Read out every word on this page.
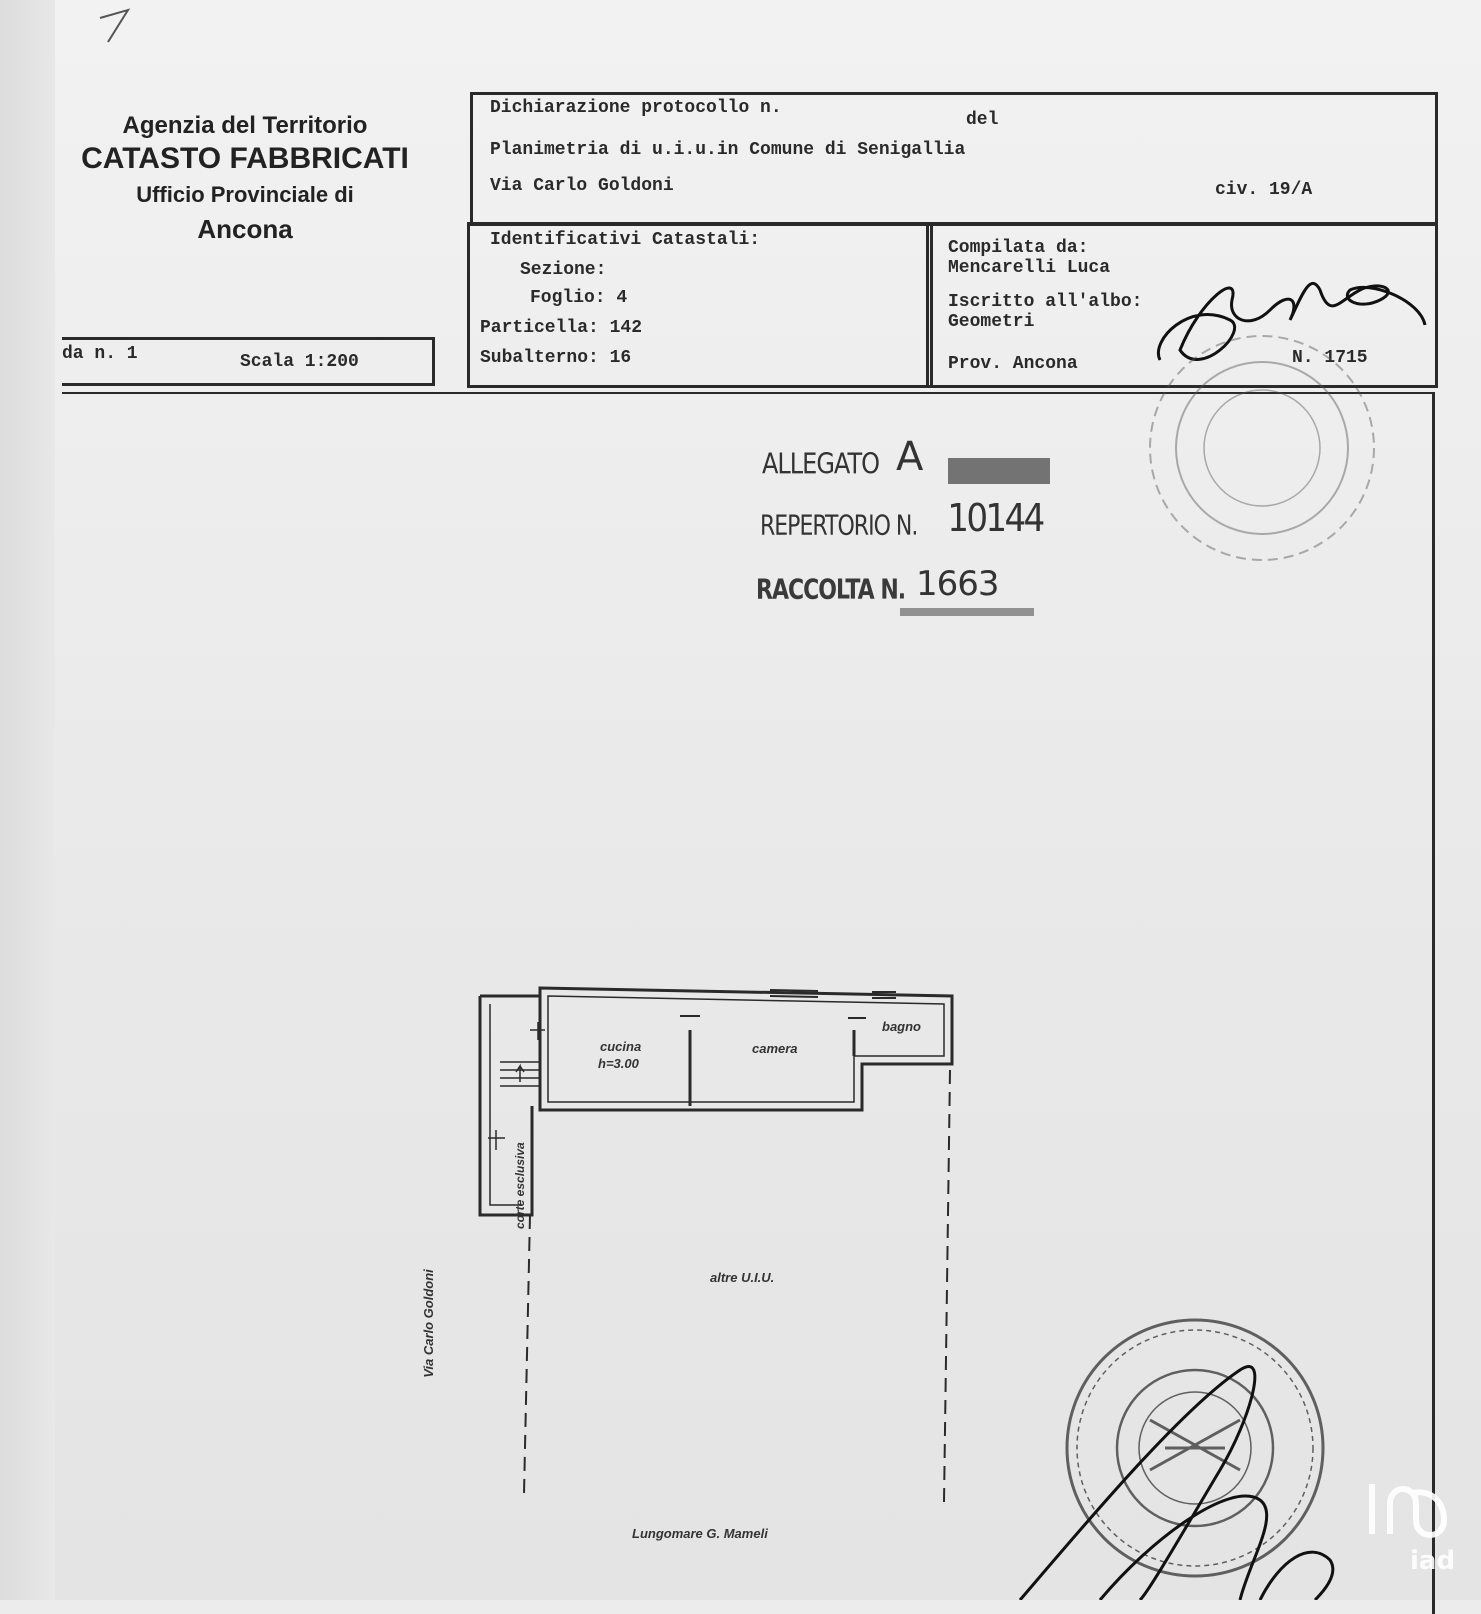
Agenzia del Territorio
CATASTO FABBRICATI
Ufficio Provinciale di
Ancona
Dichiarazione protocollo n.
del
Planimetria di u.i.u.in Comune di Senigallia
Via Carlo Goldoni	civ. 19/A
da n. 1	Scala 1:200
Identificativi Catastali:
Sezione:
Foglio: 4
Particella: 142
Subalterno: 16
Compilata da:
Mencarelli Luca
Iscritto all'albo:
Geometri
Prov. Ancona	N. 1715
ALLEGATO A
REPERTORIO N. 10144
RACCOLTA N. 1663
cucina
h=3.00
camera
bagno
corte esclusiva
altre U.I.U.
Via Carlo Goldoni
Lungomare G. Mameli
iad
